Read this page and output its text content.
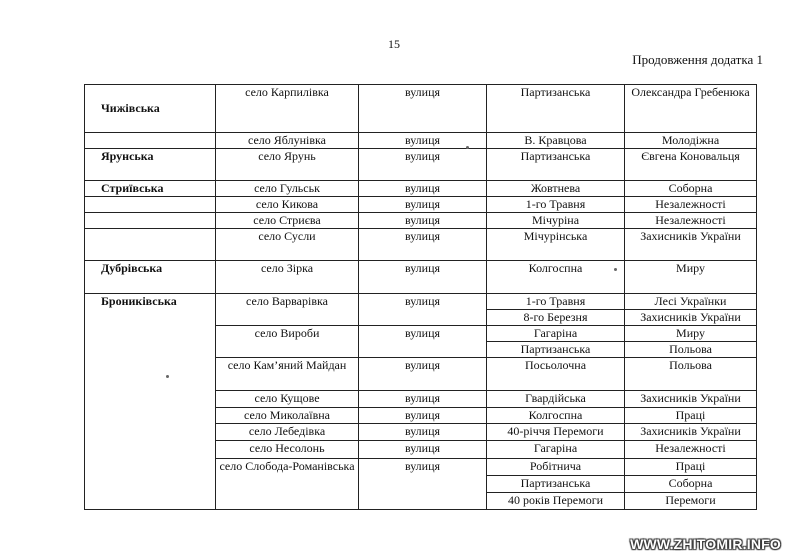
15
Продовження додатка 1
Чижівська	село Карпилівка	вулиця	Партизанська	Олександра Гребенюка
	село Яблунівка	вулиця	В. Кравцова	Молодіжна
Ярунська	село Ярунь	вулиця	Партизанська	Євгена Коновальця
Стриївська	село Гульськ	вулиця	Жовтнева	Соборна
	село Кикова	вулиця	1-го Травня	Незалежності
	село Стриєва	вулиця	Мічуріна	Незалежності
	село Сусли	вулиця	Мічурінська	Захисників України
Дубрівська	село Зірка	вулиця	Колгоспна	Миру
Брониківська	село Варварівка	вулиця	1-го Травня	Лесі Українки
			8-го Березня	Захисників України
	село Вироби	вулиця	Гагаріна	Миру
			Партизанська	Польова
	село Кам’яний Майдан	вулиця	Посьолочна	Польова
	село Кущове	вулиця	Гвардійська	Захисників України
	село Миколаївна	вулиця	Колгоспна	Праці
	село Лебедівка	вулиця	40-річчя Перемоги	Захисників України
	село Несолонь	вулиця	Гагаріна	Незалежності
	село Слобода-Романівська	вулиця	Робітнича	Праці
			Партизанська	Соборна
			40 років Перемоги	Перемоги
WWW.ZHITOMIR.INFO
